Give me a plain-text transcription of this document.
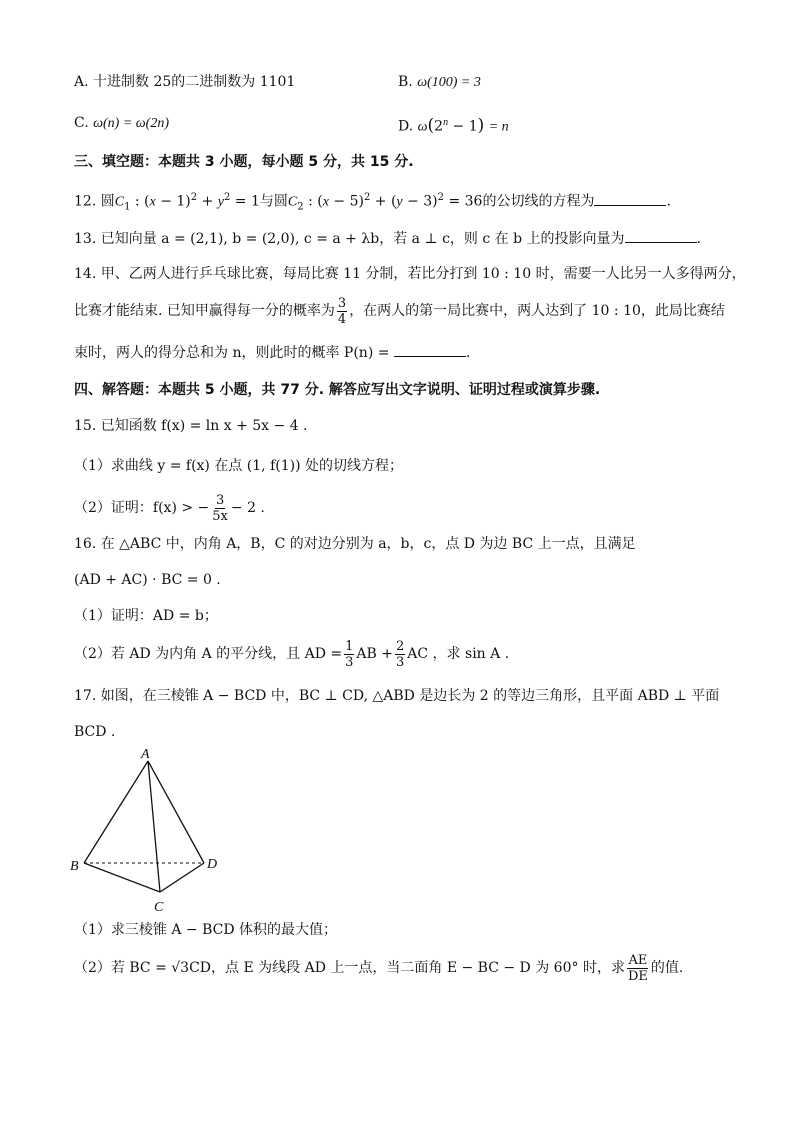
A. 十进制数 25的二进制数为 1101	B. ω(100) = 3
C. ω(n) = ω(2n)	D. $\omega(2^n - 1) = n$
三、填空题：本题共 3 小题，每小题 5 分，共 15 分.
12. 圆$C_1$ : $(x - 1)^2 + y^2 = 1$与圆$C_2$ : $(x - 5)^2 + (y - 3)^2 = 36$的公切线的方程为	.
13. 已知向量 a = (2,1), b = (2,0), c = a + λb，若 a ⊥ c，则 c 在 b 上的投影向量为	.
14. 甲、乙两人进行乒乓球比赛，每局比赛 11 分制，若比分打到 10 : 10 时，需要一人比另一人多得两分，
比赛才能结束. 已知甲赢得每一分的概率为 $\frac{3}{4}$ ，在两人的第一局比赛中，两人达到了 10 : 10，此局比赛结
束时，两人的得分总和为 n，则此时的概率 P(n) =	.
四、解答题：本题共 5 小题，共 77 分. 解答应写出文字说明、证明过程或演算步骤.
15. 已知函数 f(x) = ln x + 5x − 4 .
（1）求曲线 y = f(x) 在点 (1, f(1)) 处的切线方程；
（2）证明：f(x) > − $\frac{3}{5x} - 2$ .
16. 在 △ABC 中，内角 A，B，C 的对边分别为 a，b，c，点 D 为边 BC 上一点，且满足
(AD + AC) · BC = 0 .
（1）证明：AD = b；
（2）若 AD 为内角 A 的平分线，且 AD = $\frac{1}{3}$ AB + $\frac{2}{3}$ AC ，求 sin A .
17. 如图，在三棱锥 A − BCD 中，BC ⊥ CD, △ABD 是边长为 2 的等边三角形，且平面 ABD ⊥ 平面
BCD .
A
B
C
D
（1）求三棱锥 A − BCD 体积的最大值；
（2）若 BC = √3CD，点 E 为线段 AD 上一点，当二面角 E − BC − D 为 60° 时，求 $\frac{AE}{DE}$ 的值.
